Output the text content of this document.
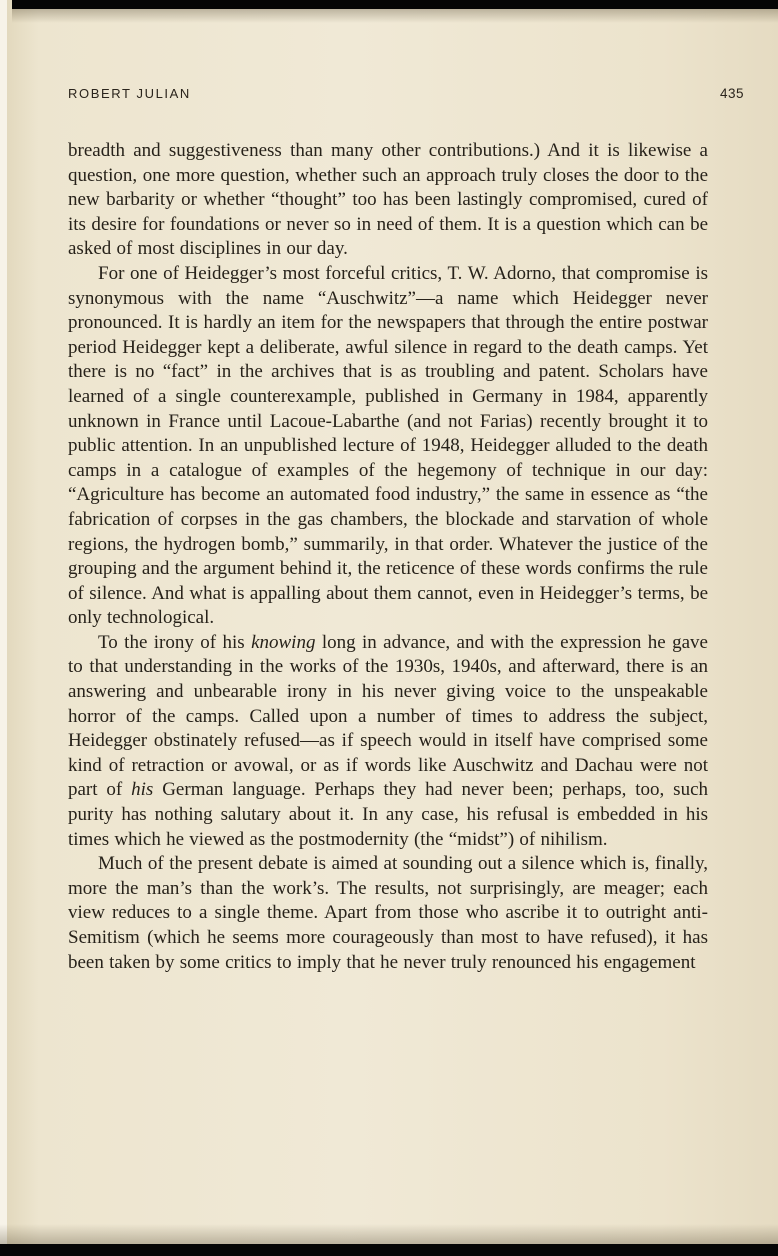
ROBERT JULIAN	435

breadth and suggestiveness than many other contributions.) And it is likewise a question, one more question, whether such an approach truly closes the door to the new barbarity or whether “thought” too has been lastingly compromised, cured of its desire for foundations or never so in need of them. It is a question which can be asked of most disciplines in our day.

For one of Heidegger’s most forceful critics, T. W. Adorno, that compromise is synonymous with the name “Auschwitz”—a name which Heidegger never pronounced. It is hardly an item for the newspapers that through the entire postwar period Heidegger kept a deliberate, awful silence in regard to the death camps. Yet there is no “fact” in the archives that is as troubling and patent. Scholars have learned of a single counterexample, published in Germany in 1984, apparently unknown in France until Lacoue-Labarthe (and not Farias) recently brought it to public attention. In an unpublished lecture of 1948, Heidegger alluded to the death camps in a catalogue of examples of the hegemony of technique in our day: “Agriculture has become an automated food industry,” the same in essence as “the fabrication of corpses in the gas chambers, the blockade and starvation of whole regions, the hydrogen bomb,” summarily, in that order. Whatever the justice of the grouping and the argument behind it, the reticence of these words confirms the rule of silence. And what is appalling about them cannot, even in Heidegger’s terms, be only technological.

To the irony of his knowing long in advance, and with the expression he gave to that understanding in the works of the 1930s, 1940s, and afterward, there is an answering and unbearable irony in his never giving voice to the unspeakable horror of the camps. Called upon a number of times to address the subject, Heidegger obstinately refused—as if speech would in itself have comprised some kind of retraction or avowal, or as if words like Auschwitz and Dachau were not part of his German language. Perhaps they had never been; perhaps, too, such purity has nothing salutary about it. In any case, his refusal is embedded in his times which he viewed as the postmodernity (the “midst”) of nihilism.

Much of the present debate is aimed at sounding out a silence which is, finally, more the man’s than the work’s. The results, not surprisingly, are meager; each view reduces to a single theme. Apart from those who ascribe it to outright anti-Semitism (which he seems more courageously than most to have refused), it has been taken by some critics to imply that he never truly renounced his engagement
